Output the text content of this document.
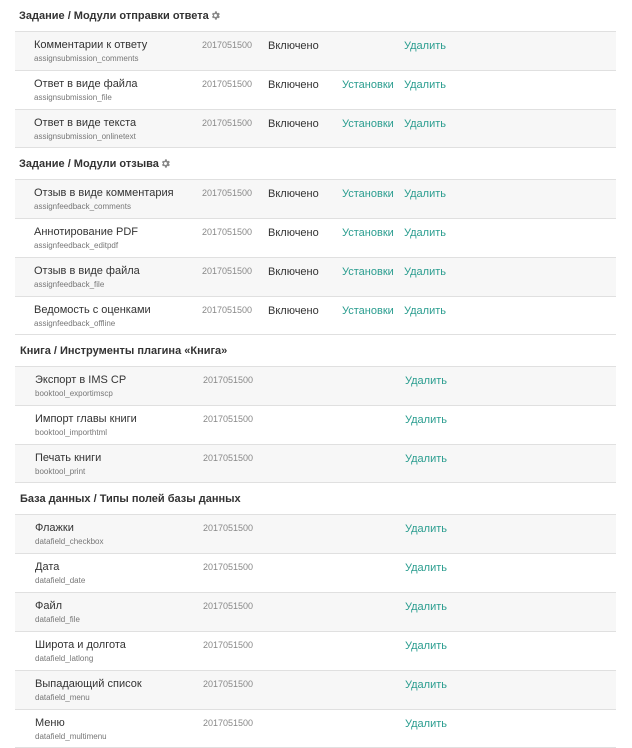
Задание / Модули отправки ответа
Комментарии к ответу
assignsubmission_comments
2017051500 Включено	Удалить
Ответ в виде файла
assignsubmission_file
2017051500 Включено Установки Удалить
Ответ в виде текста
assignsubmission_onlinetext
2017051500 Включено Установки Удалить
Задание / Модули отзыва
Отзыв в виде комментария
assignfeedback_comments
2017051500 Включено Установки Удалить
Аннотирование PDF
assignfeedback_editpdf
2017051500 Включено Установки Удалить
Отзыв в виде файла
assignfeedback_file
2017051500 Включено Установки Удалить
Ведомость с оценками
assignfeedback_offline
2017051500 Включено Установки Удалить
Книга / Инструменты плагина «Книга»
Экспорт в IMS CP
booktool_exportimscp
2017051500	Удалить
Импорт главы книги
booktool_importhtml
2017051500	Удалить
Печать книги
booktool_print
2017051500	Удалить
База данных / Типы полей базы данных
Флажки
datafield_checkbox
2017051500	Удалить
Дата
datafield_date
2017051500	Удалить
Файл
datafield_file
2017051500	Удалить
Широта и долгота
datafield_latlong
2017051500	Удалить
Выпадающий список
datafield_menu
2017051500	Удалить
Меню
datafield_multimenu
2017051500	Удалить
